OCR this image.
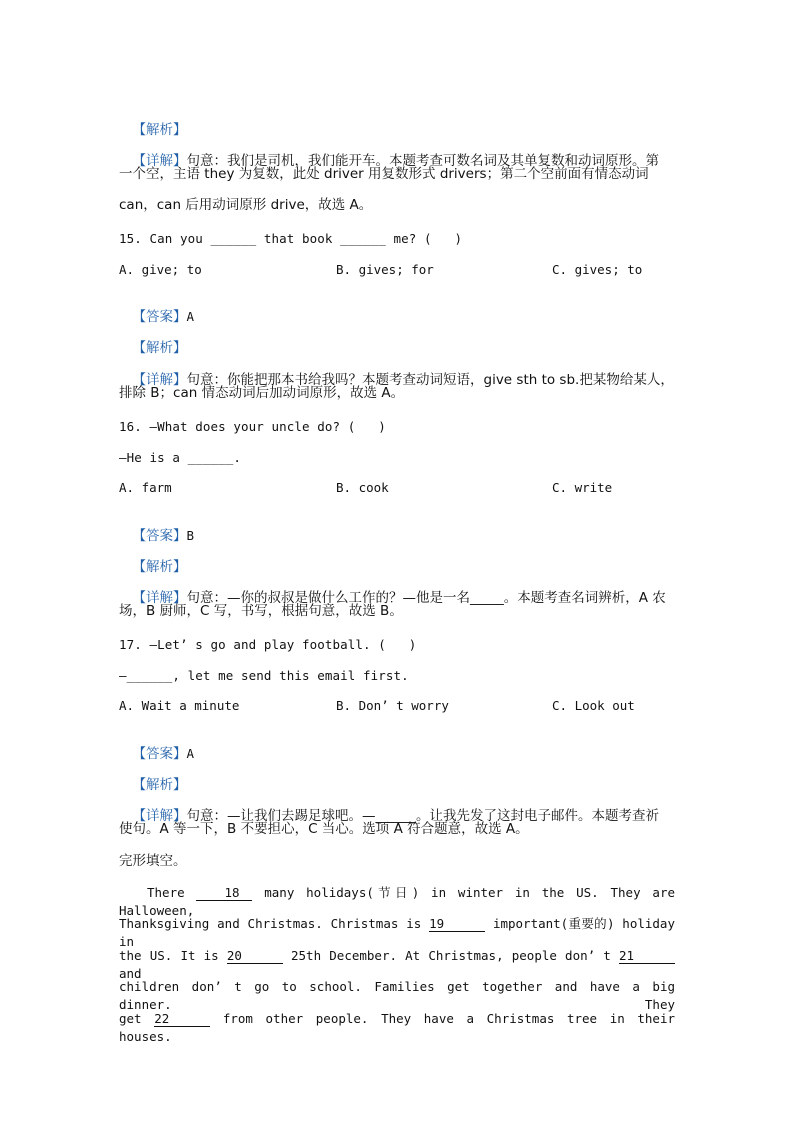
【解析】

【详解】句意：我们是司机，我们能开车。本题考查可数名词及其单复数和动词原形。第

一个空，主语 they 为复数，此处 driver 用复数形式 drivers；第二个空前面有情态动词
can，can 后用动词原形 drive，故选 A。
15. Can you ______ that book ______ me? (   )
A. give; to	B. gives; for	C. gives; to

【答案】A

【解析】

【详解】句意：你能把那本书给我吗？本题考查动词短语，give sth to sb.把某物给某人，

排除 B；can 情态动词后加动词原形，故选 A。
16. —What does your uncle do? (   )
—He is a ______.
A. farm	B. cook	C. write

【答案】B

【解析】

【详解】句意：—你的叔叔是做什么工作的？—他是一名_____。本题考查名词辨析，A 农

场，B 厨师，C 写，书写，根据句意，故选 B。
17. —Let’ s go and play football. (   )
—______, let me send this email first.
A. Wait a minute	B. Don’ t worry	C. Look out

【答案】A

【解析】

【详解】句意：—让我们去踢足球吧。—______。让我先发了这封电子邮件。本题考查祈

使句。A 等一下，B 不要担心，C 当心。选项 A 符合题意，故选 A。
完形填空。
There 18 many holidays(节日) in winter in the US. They are Halloween,
Thanksgiving and Christmas. Christmas is 19	important(重要的) holiday in
the US. It is 20	25th December. At Christmas, people don’ t 21 and
children don’ t go to school. Families get together and have a big dinner. They
get 22	from other people. They have a Christmas tree in their houses.
